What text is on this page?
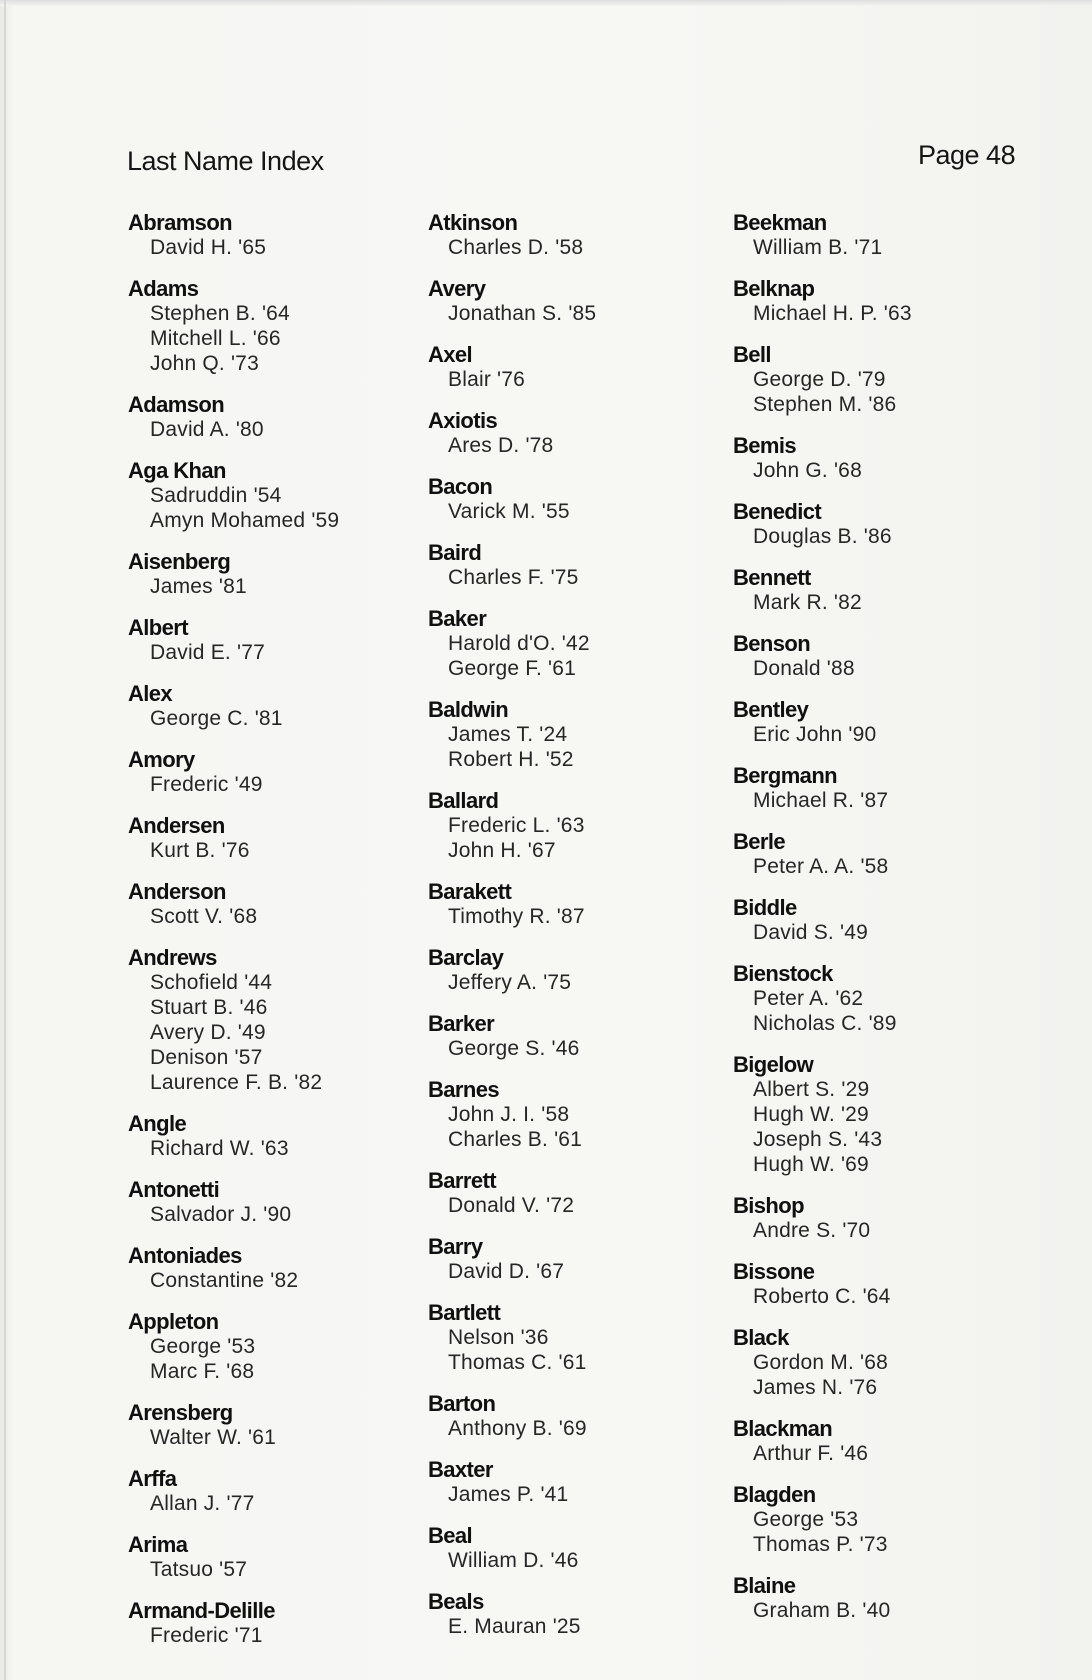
Last Name Index	Page 48
Abramson
David H. '65
Adams
Stephen B. '64
Mitchell L. '66
John Q. '73
Adamson
David A. '80
Aga Khan
Sadruddin '54
Amyn Mohamed '59
Aisenberg
James '81
Albert
David E. '77
Alex
George C. '81
Amory
Frederic '49
Andersen
Kurt B. '76
Anderson
Scott V. '68
Andrews
Schofield '44
Stuart B. '46
Avery D. '49
Denison '57
Laurence F. B. '82
Angle
Richard W. '63
Antonetti
Salvador J. '90
Antoniades
Constantine '82
Appleton
George '53
Marc F. '68
Arensberg
Walter W. '61
Arffa
Allan J. '77
Arima
Tatsuo '57
Armand-Delille
Frederic '71
Atkinson
Charles D. '58
Avery
Jonathan S. '85
Axel
Blair '76
Axiotis
Ares D. '78
Bacon
Varick M. '55
Baird
Charles F. '75
Baker
Harold d'O. '42
George F. '61
Baldwin
James T. '24
Robert H. '52
Ballard
Frederic L. '63
John H. '67
Barakett
Timothy R. '87
Barclay
Jeffery A. '75
Barker
George S. '46
Barnes
John J. I. '58
Charles B. '61
Barrett
Donald V. '72
Barry
David D. '67
Bartlett
Nelson '36
Thomas C. '61
Barton
Anthony B. '69
Baxter
James P. '41
Beal
William D. '46
Beals
E. Mauran '25
Beekman
William B. '71
Belknap
Michael H. P. '63
Bell
George D. '79
Stephen M. '86
Bemis
John G. '68
Benedict
Douglas B. '86
Bennett
Mark R. '82
Benson
Donald '88
Bentley
Eric John '90
Bergmann
Michael R. '87
Berle
Peter A. A. '58
Biddle
David S. '49
Bienstock
Peter A. '62
Nicholas C. '89
Bigelow
Albert S. '29
Hugh W. '29
Joseph S. '43
Hugh W. '69
Bishop
Andre S. '70
Bissone
Roberto C. '64
Black
Gordon M. '68
James N. '76
Blackman
Arthur F. '46
Blagden
George '53
Thomas P. '73
Blaine
Graham B. '40
